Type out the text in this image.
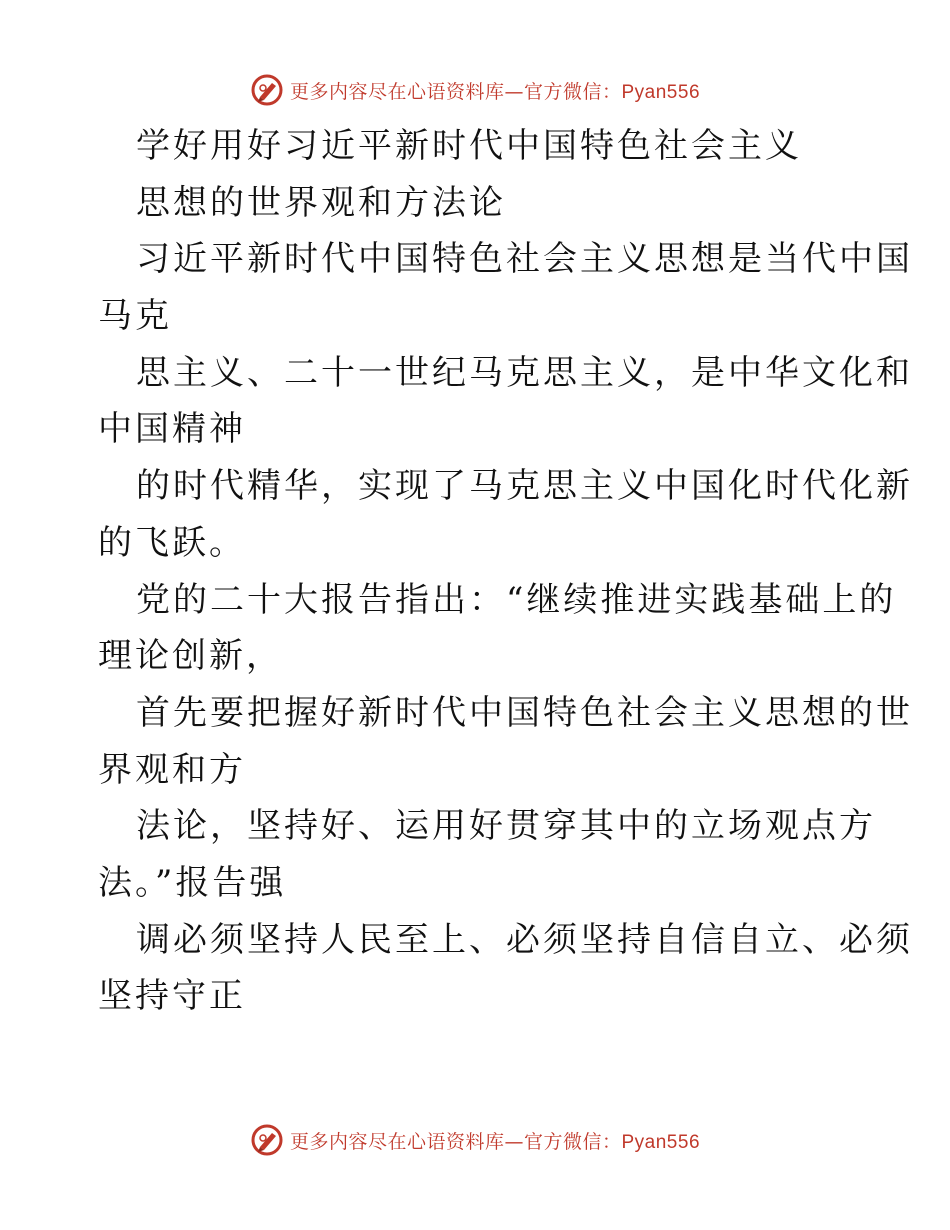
更多内容尽在心语资料库—官方微信：Pyan556
学好用好习近平新时代中国特色社会主义
思想的世界观和方法论
习近平新时代中国特色社会主义思想是当代中国
马克
思主义、二十一世纪马克思主义，是中华文化和
中国精神
的时代精华，实现了马克思主义中国化时代化新
的飞跃。
党的二十大报告指出：“继续推进实践基础上的
理论创新，
首先要把握好新时代中国特色社会主义思想的世
界观和方
法论，坚持好、运用好贯穿其中的立场观点方
法。”报告强
调必须坚持人民至上、必须坚持自信自立、必须
坚持守正
更多内容尽在心语资料库—官方微信：Pyan556
